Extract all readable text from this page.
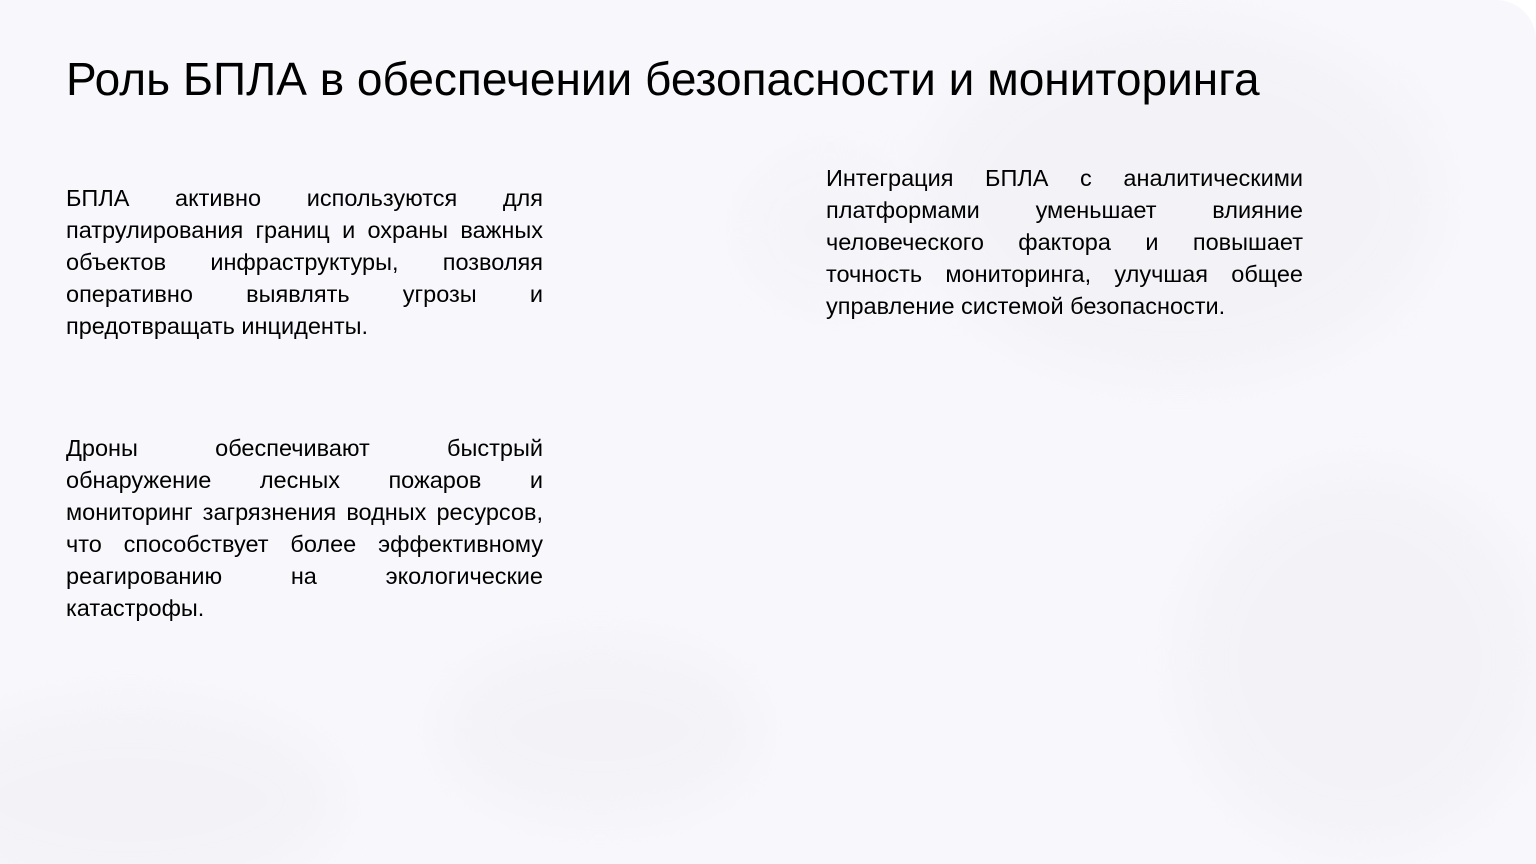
Роль БПЛА в обеспечении безопасности и мониторинга

БПЛА активно используются для патрулирования границ и охраны важных объектов инфраструктуры, позволяя оперативно выявлять угрозы и предотвращать инциденты.

Дроны обеспечивают быстрый обнаружение лесных пожаров и мониторинг загрязнения водных ресурсов, что способствует более эффективному реагированию на экологические катастрофы.

Интеграция БПЛА с аналитическими платформами уменьшает влияние человеческого фактора и повышает точность мониторинга, улучшая общее управление системой безопасности.
